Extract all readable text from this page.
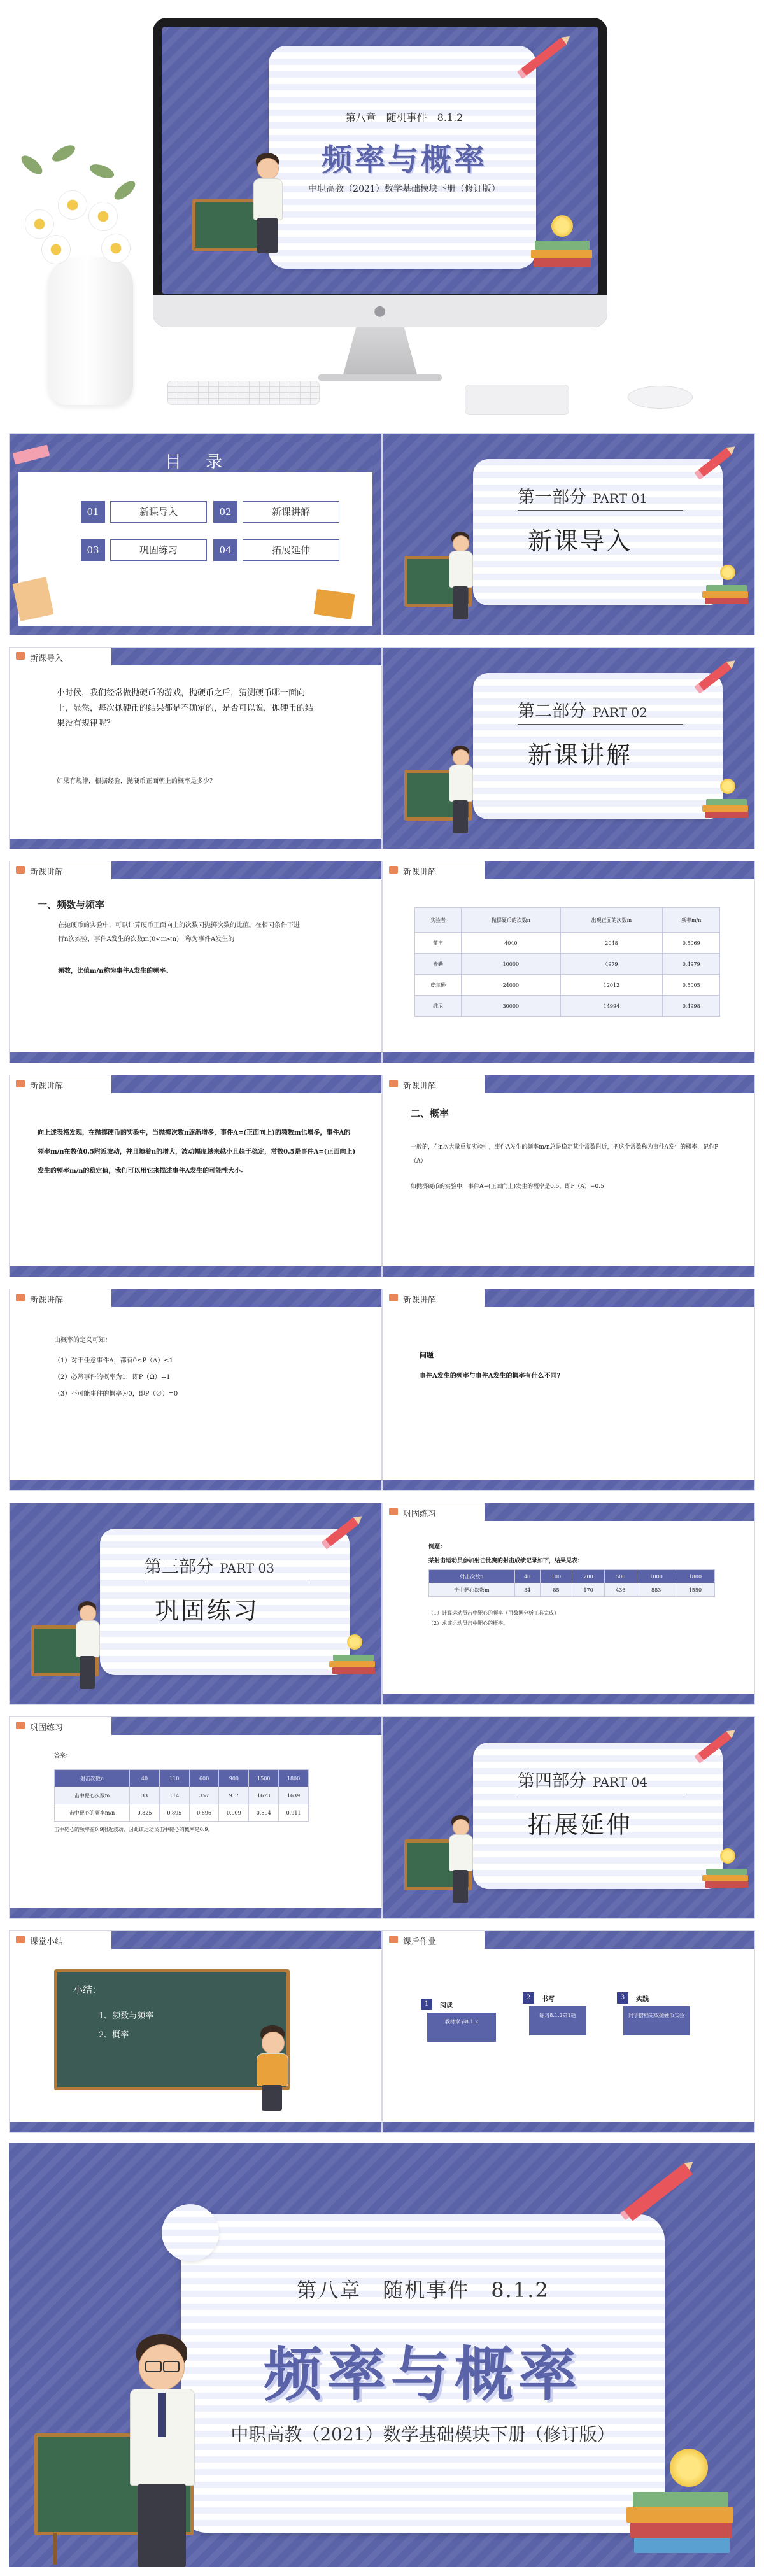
第八章　随机事件　8.1.2
频率与概率
中职高教（2021）数学基础模块下册（修订版）
●
目　录
01	新课导入	02	新课讲解
03	巩固练习	04	拓展延伸
第一部分 PART 01
新课导入
新课导入
小时候，我们经常做抛硬币的游戏，抛硬币之后，猜测硬币哪一面向上，显然，每次抛硬币的结果都是不确定的，是否可以说，抛硬币的结果没有规律呢？
如果有规律，根据经验，抛硬币正面朝上的概率是多少？
第二部分 PART 02
新课讲解
新课讲解
一、频数与频率
在抛硬币的实验中，可以计算硬币正面向上的次数同抛掷次数的比值。在相同条件下进行n次实验，事件A发生的次数m(0<m<n)　称为事件A发生的
频数，比值m/n称为事件A发生的频率。
新课讲解
实验者	抛掷硬币的次数n	出现正面的次数m	频率m/n
蒲丰	4040	2048	0.5069
费勒	10000	4979	0.4979
皮尔逊	24000	12012	0.5005
维尼	30000	14994	0.4998
新课讲解
向上述表格发现，在抛掷硬币的实验中，当抛掷次数n逐渐增多，事件A=(正面向上)的频数m也增多，事件A的频率m/n在数值0.5附近波动，并且随着n的增大，波动幅度越来越小且趋于稳定，常数0.5是事件A=(正面向上)发生的频率m/n的稳定值，我们可以用它来描述事件A发生的可能性大小。
新课讲解
二、概率
一般的，在n次大量重复实验中，事件A发生的频率m/n总是稳定某个常数附近，把这个常数称为事件A发生的概率，记作P（A）
如抛掷硬币的实验中，事件A=(正面向上)发生的概率是0.5，即P（A）=0.5
新课讲解
由概率的定义可知：
（1）对于任意事件A，都有0≤P（A）≤1
（2）必然事件的概率为1，即P（Ω）=1
（3）不可能事件的概率为0，即P（∅）=0
新课讲解
问题：
事件A发生的频率与事件A发生的概率有什么不同?
第三部分 PART 03
巩固练习
巩固练习
例题：
某射击运动员参加射击比赛的射击成绩记录如下，结果见表：
射击次数n	40	100	200	500	1000	1800
击中靶心次数m	34	85	170	436	883	1550
（1）计算运动员击中靶心的频率（用数据分析工具完成）
（2）求该运动员击中靶心的概率。
巩固练习
答案：
射击次数n	40	110	600	900	1500	1800
击中靶心次数m	33	114	357	917	1673	1639
击中靶心的频率m/n	0.825	0.895	0.896	0.909	0.894	0.911
击中靶心的频率在0.9附近波动，因此该运动员击中靶心的概率是0.9。
第四部分 PART 04
拓展延伸
课堂小结
小结：
1、频数与频率
2、概率
课后作业
1	阅读
教材章节8.1.2
2	书写
练习8.1.2第1题
3	实践
同学搭档完成抛硬币实验
第八章　随机事件　8.1.2
频率与概率
中职高教（2021）数学基础模块下册（修订版）
